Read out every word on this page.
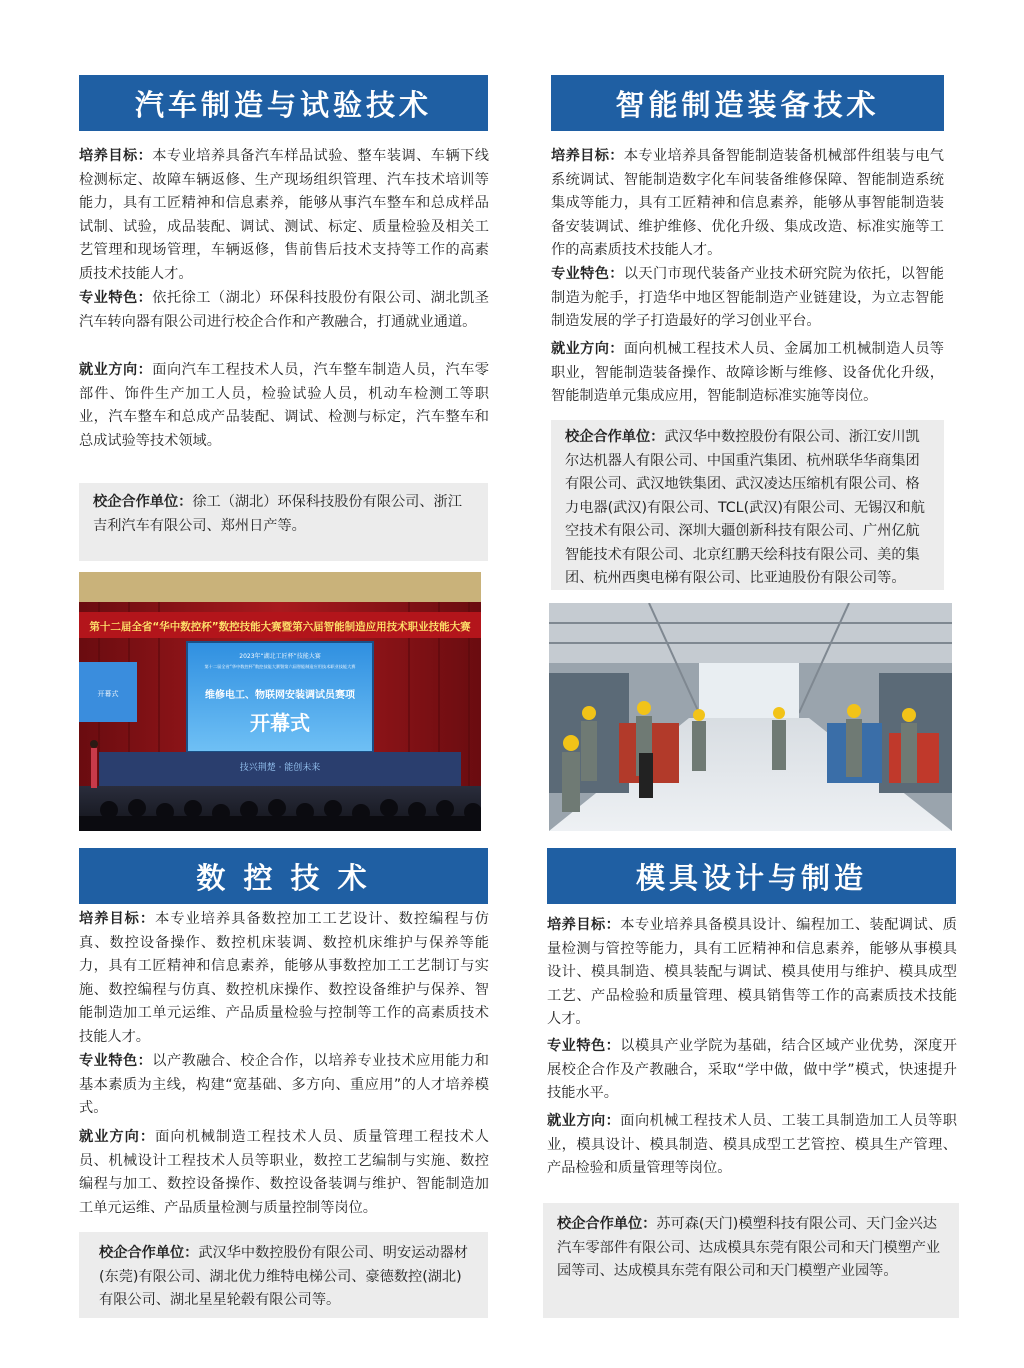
汽车制造与试验技术

培养目标：本专业培养具备汽车样品试验、整车装调、车辆下线检测标定、故障车辆返修、生产现场组织管理、汽车技术培训等能力，具有工匠精神和信息素养，能够从事汽车整车和总成样品试制、试验，成品装配、调试、测试、标定、质量检验及相关工艺管理和现场管理，车辆返修，售前售后技术支持等工作的高素质技术技能人才。

专业特色：依托徐工（湖北）环保科技股份有限公司、湖北凯圣汽车转向器有限公司进行校企合作和产教融合，打通就业通道。

就业方向：面向汽车工程技术人员，汽车整车制造人员，汽车零部件、饰件生产加工人员，检验试验人员，机动车检测工等职业，汽车整车和总成产品装配、调试、检测与标定，汽车整车和总成试验等技术领域。

校企合作单位：徐工（湖北）环保科技股份有限公司、浙江吉利汽车有限公司、郑州日产等。
第十二届全省“华中数控杯”数控技能大赛暨第六届智能制造应用技术职业技能大赛
2023年“湖北工匠杯”技能大赛
第十二届全省“华中数控杯”数控技能大赛暨第六届智能制造应用技术职业技能大赛
维修电工、物联网安装调试员赛项
开幕式
开幕式
技兴荆楚 · 能创未来
智能制造装备技术

培养目标：本专业培养具备智能制造装备机械部件组装与电气系统调试、智能制造数字化车间装备维修保障、智能制造系统集成等能力，具有工匠精神和信息素养，能够从事智能制造装备安装调试、维护维修、优化升级、集成改造、标准实施等工作的高素质技术技能人才。

专业特色：以天门市现代装备产业技术研究院为依托，以智能制造为舵手，打造华中地区智能制造产业链建设，为立志智能制造发展的学子打造最好的学习创业平台。

就业方向：面向机械工程技术人员、金属加工机械制造人员等职业，智能制造装备操作、故障诊断与维修、设备优化升级，智能制造单元集成应用，智能制造标准实施等岗位。

校企合作单位：武汉华中数控股份有限公司、浙江安川凯尔达机器人有限公司、中国重汽集团、杭州联华华商集团有限公司、武汉地铁集团、武汉凌达压缩机有限公司、格力电器(武汉)有限公司、TCL(武汉)有限公司、无锡汉和航空技术有限公司、深圳大疆创新科技有限公司、广州亿航智能技术有限公司、北京红鹏天绘科技有限公司、美的集团、杭州西奥电梯有限公司、比亚迪股份有限公司等。
数 控 技 术

培养目标：本专业培养具备数控加工工艺设计、数控编程与仿真、数控设备操作、数控机床装调、数控机床维护与保养等能力，具有工匠精神和信息素养，能够从事数控加工工艺制订与实施、数控编程与仿真、数控机床操作、数控设备维护与保养、智能制造加工单元运维、产品质量检验与控制等工作的高素质技术技能人才。

专业特色：以产教融合、校企合作，以培养专业技术应用能力和基本素质为主线，构建“宽基础、多方向、重应用”的人才培养模式。

就业方向：面向机械制造工程技术人员、质量管理工程技术人员、机械设计工程技术人员等职业，数控工艺编制与实施、数控编程与加工、数控设备操作、数控设备装调与维护、智能制造加工单元运维、产品质量检测与质量控制等岗位。

校企合作单位：武汉华中数控股份有限公司、明安运动器材(东莞)有限公司、湖北优力维特电梯公司、豪德数控(湖北)有限公司、湖北星星轮毂有限公司等。
模具设计与制造

培养目标：本专业培养具备模具设计、编程加工、装配调试、质量检测与管控等能力，具有工匠精神和信息素养，能够从事模具设计、模具制造、模具装配与调试、模具使用与维护、模具成型工艺、产品检验和质量管理、模具销售等工作的高素质技术技能人才。

专业特色：以模具产业学院为基础，结合区域产业优势，深度开展校企合作及产教融合，采取“学中做，做中学”模式，快速提升技能水平。

就业方向：面向机械工程技术人员、工装工具制造加工人员等职业，模具设计、模具制造、模具成型工艺管控、模具生产管理、产品检验和质量管理等岗位。

校企合作单位：苏可森(天门)模塑科技有限公司、天门金兴达汽车零部件有限公司、达成模具东莞有限公司和天门模塑产业园等司、达成模具东莞有限公司和天门模塑产业园等。
